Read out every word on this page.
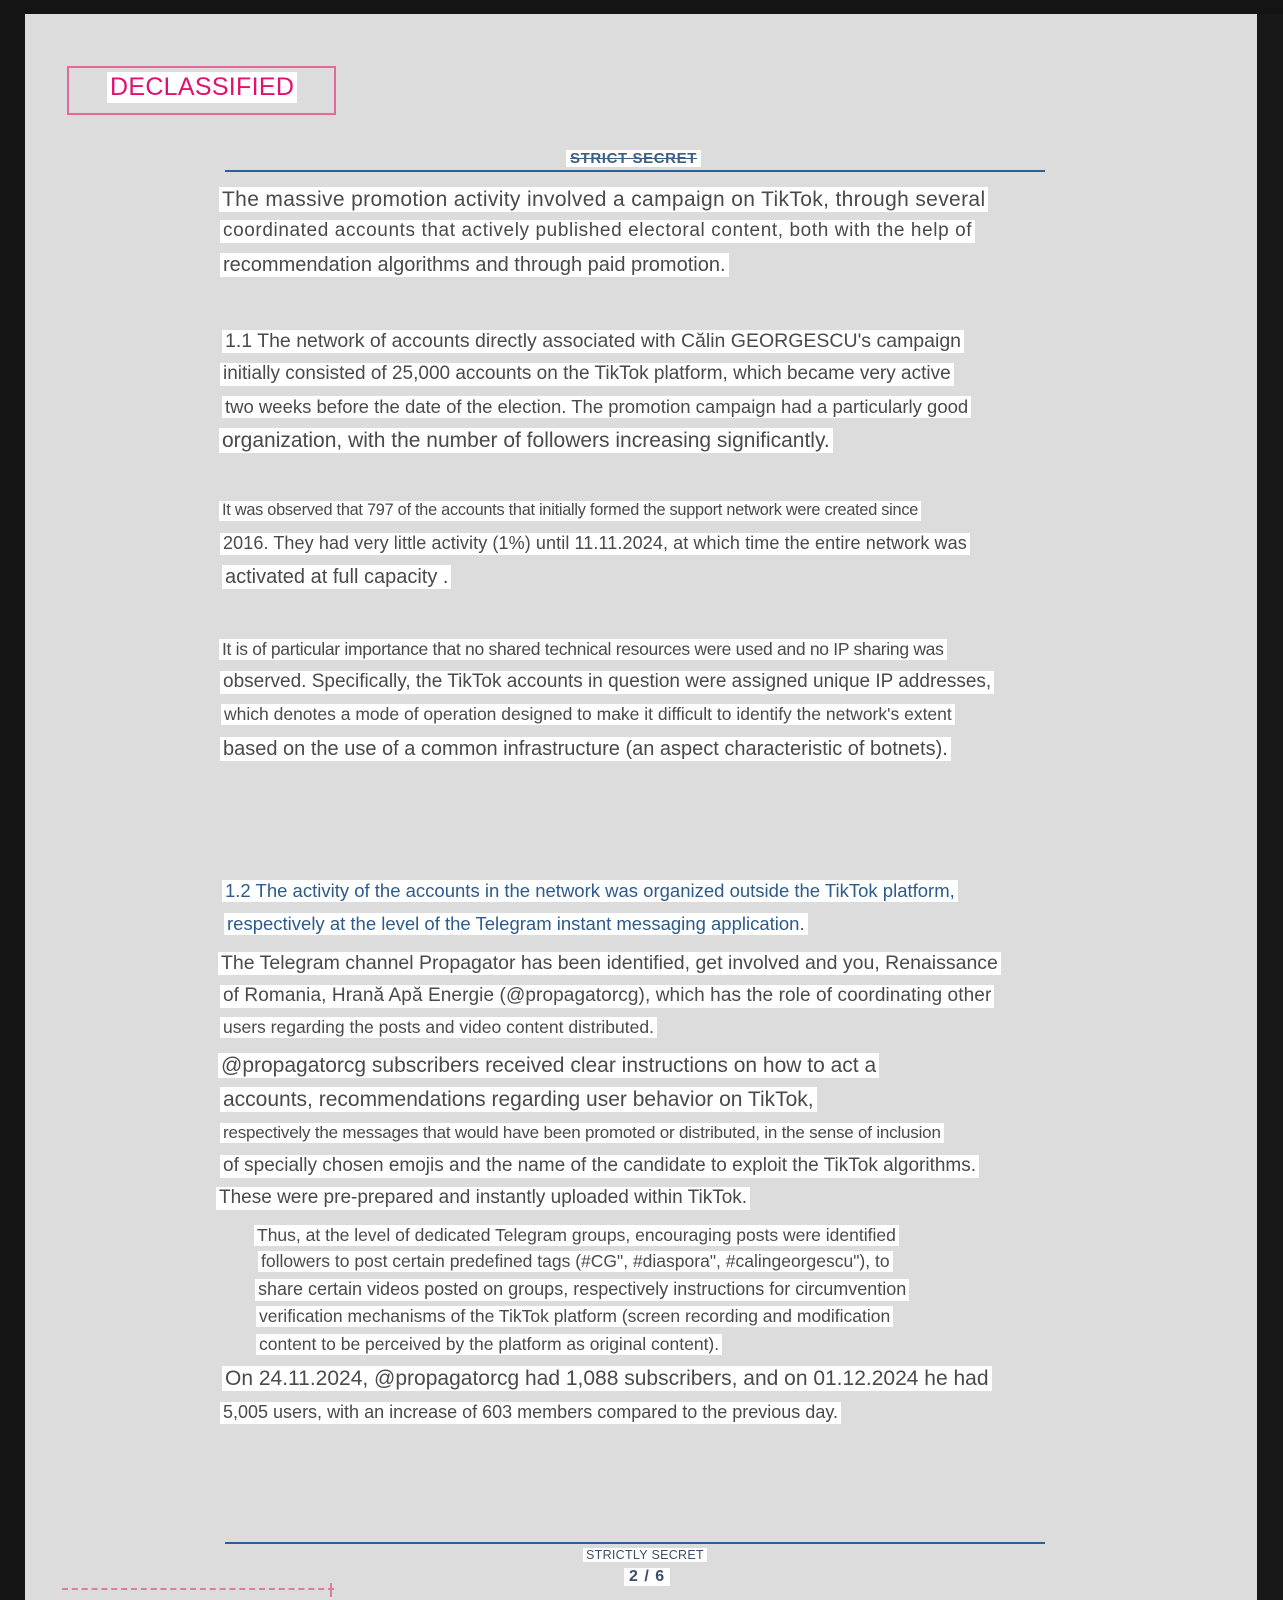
DECLASSIFIED
STRICT SECRET
The massive promotion activity involved a campaign on TikTok, through several
coordinated accounts that actively published electoral content, both with the help of
recommendation algorithms and through paid promotion.
1.1 The network of accounts directly associated with Călin GEORGESCU's campaign
initially consisted of 25,000 accounts on the TikTok platform, which became very active
two weeks before the date of the election. The promotion campaign had a particularly good
organization, with the number of followers increasing significantly.
It was observed that 797 of the accounts that initially formed the support network were created since
2016. They had very little activity (1%) until 11.11.2024, at which time the entire network was
activated at full capacity .
It is of particular importance that no shared technical resources were used and no IP sharing was
observed. Specifically, the TikTok accounts in question were assigned unique IP addresses,
which denotes a mode of operation designed to make it difficult to identify the network's extent
based on the use of a common infrastructure (an aspect characteristic of botnets).
1.2 The activity of the accounts in the network was organized outside the TikTok platform,
respectively at the level of the Telegram instant messaging application.
The Telegram channel Propagator has been identified, get involved and you, Renaissance
of Romania, Hrană Apă Energie (@propagatorcg), which has the role of coordinating other
users regarding the posts and video content distributed.
@propagatorcg subscribers received clear instructions on how to act a
accounts, recommendations regarding user behavior on TikTok,
respectively the messages that would have been promoted or distributed, in the sense of inclusion
of specially chosen emojis and the name of the candidate to exploit the TikTok algorithms.
These were pre-prepared and instantly uploaded within TikTok.
Thus, at the level of dedicated Telegram groups, encouraging posts were identified
followers to post certain predefined tags (#CG", #diaspora", #calingeorgescu"), to
share certain videos posted on groups, respectively instructions for circumvention
verification mechanisms of the TikTok platform (screen recording and modification
content to be perceived by the platform as original content).
On 24.11.2024, @propagatorcg had 1,088 subscribers, and on 01.12.2024 he had
5,005 users, with an increase of 603 members compared to the previous day.
STRICTLY SECRET
2 / 6
